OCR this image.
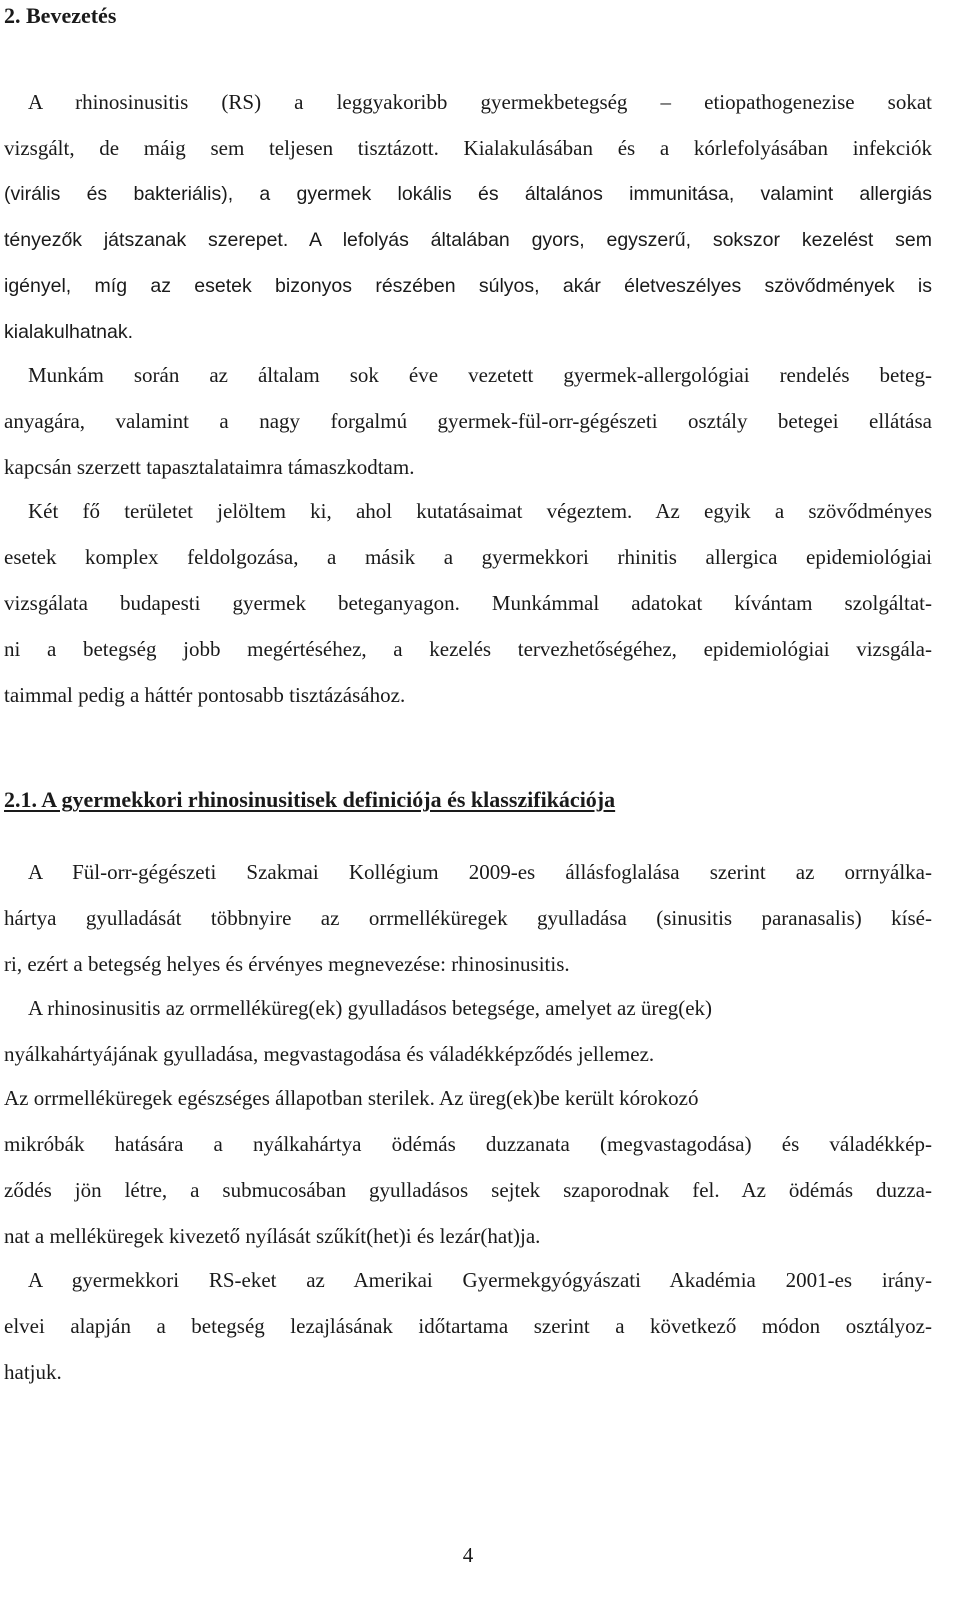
2. Bevezetés
A rhinosinusitis (RS) a leggyakoribb gyermekbetegség – etiopathogenezise sokat
vizsgált, de máig sem teljesen tisztázott. Kialakulásában és a kórlefolyásában infekciók
(virális és bakteriális), a gyermek lokális és általános immunitása, valamint allergiás
tényezők játszanak szerepet. A lefolyás általában gyors, egyszerű, sokszor kezelést sem
igényel, míg az esetek bizonyos részében súlyos, akár életveszélyes szövődmények is
kialakulhatnak.
Munkám során az általam sok éve vezetett gyermek-allergológiai rendelés beteg-
anyagára, valamint a nagy forgalmú gyermek-fül-orr-gégészeti osztály betegei ellátása
kapcsán szerzett tapasztalataimra támaszkodtam.
Két fő területet jelöltem ki, ahol kutatásaimat végeztem. Az egyik a szövődményes
esetek komplex feldolgozása, a másik a gyermekkori rhinitis allergica epidemiológiai
vizsgálata budapesti gyermek beteganyagon. Munkámmal adatokat kívántam szolgáltat-
ni a betegség jobb megértéséhez, a kezelés tervezhetőségéhez, epidemiológiai vizsgála-
taimmal pedig a háttér pontosabb tisztázásához.
2.1. A gyermekkori rhinosinusitisek definiciója és klasszifikációja
A Fül-orr-gégészeti Szakmai Kollégium 2009-es állásfoglalása szerint az orrnyálka-
hártya gyulladását többnyire az orrmelléküregek gyulladása (sinusitis paranasalis) kísé-
ri, ezért a betegség helyes és érvényes megnevezése: rhinosinusitis.
A rhinosinusitis az orrmelléküreg(ek) gyulladásos betegsége, amelyet az üreg(ek)
nyálkahártyájának gyulladása, megvastagodása és váladékképződés jellemez.
Az orrmelléküregek egészséges állapotban sterilek. Az üreg(ek)be került kórokozó
mikróbák hatására a nyálkahártya ödémás duzzanata (megvastagodása) és váladékkép-
ződés jön létre, a submucosában gyulladásos sejtek szaporodnak fel. Az ödémás duzza-
nat a melléküregek kivezető nyílását szűkít(het)i és lezár(hat)ja.
A gyermekkori RS-eket az Amerikai Gyermekgyógyászati Akadémia 2001-es irány-
elvei alapján a betegség lezajlásának időtartama szerint a következő módon osztályoz-
hatjuk.
4
